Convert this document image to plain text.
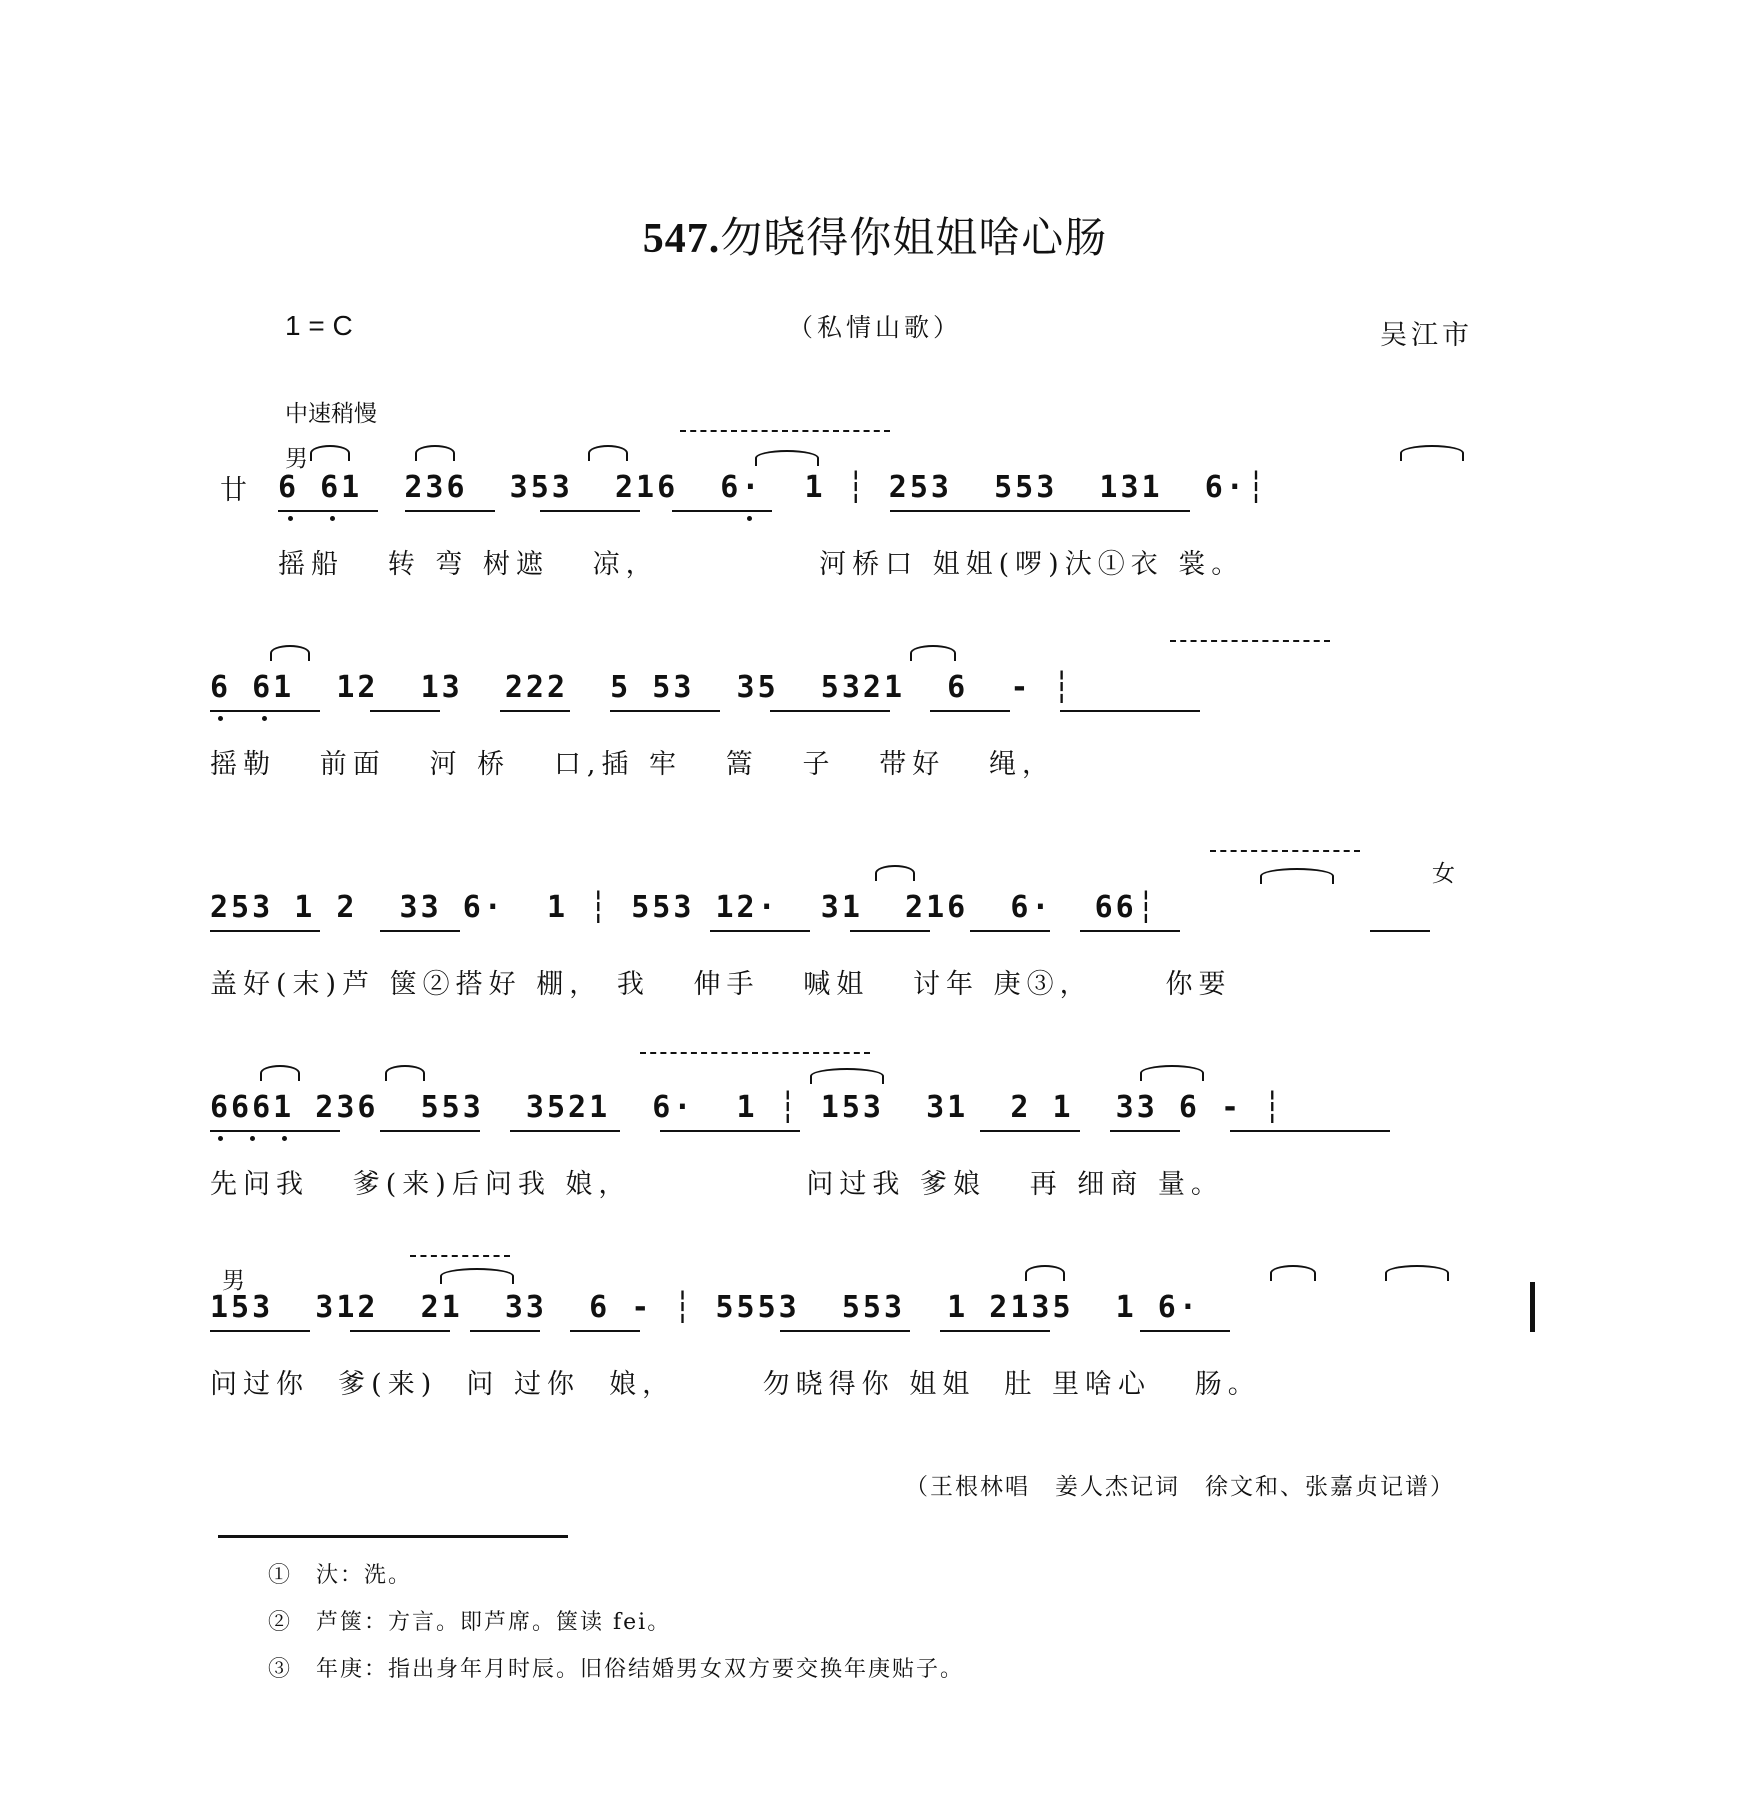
547.勿晓得你姐姐啥心肠
1 = C	（私情山歌）	吴江市
中速稍慢
男
廿 6 61  236  353  216  6·  1 ┆ 253  553  131  6·┆
摇船   转 弯 树遮   凉，           河桥口 姐姐(啰)汏①衣 裳。
6 61  12  13  222  5 53  35  5321  6  - ┆
摇勒   前面   河 桥   口,插 牢   篙   子   带好   绳，
女
253 1 2  33 6·  1 ┆ 553 12·  31  216  6·  66┆
盖好(末)芦 箧②搭好 棚， 我   伸手   喊姐   讨年 庚③，     你要
6661 236  553  3521  6·  1 ┆ 153  31  2 1  33 6 - ┆
先问我   爹(来)后问我 娘，            问过我 爹娘   再 细商 量。
男
153  312  21  33  6 - ┆ 5553  553  1 2135  1 6·
问过你  爹(来)  问 过你  娘，      勿晓得你 姐姐  肚 里啥心   肠。
（王根林唱　姜人杰记词　徐文和、张嘉贞记谱）
①　汏：洗。
②　芦箧：方言。即芦席。箧读 fei。
③　年庚：指出身年月时辰。旧俗结婚男女双方要交换年庚贴子。
